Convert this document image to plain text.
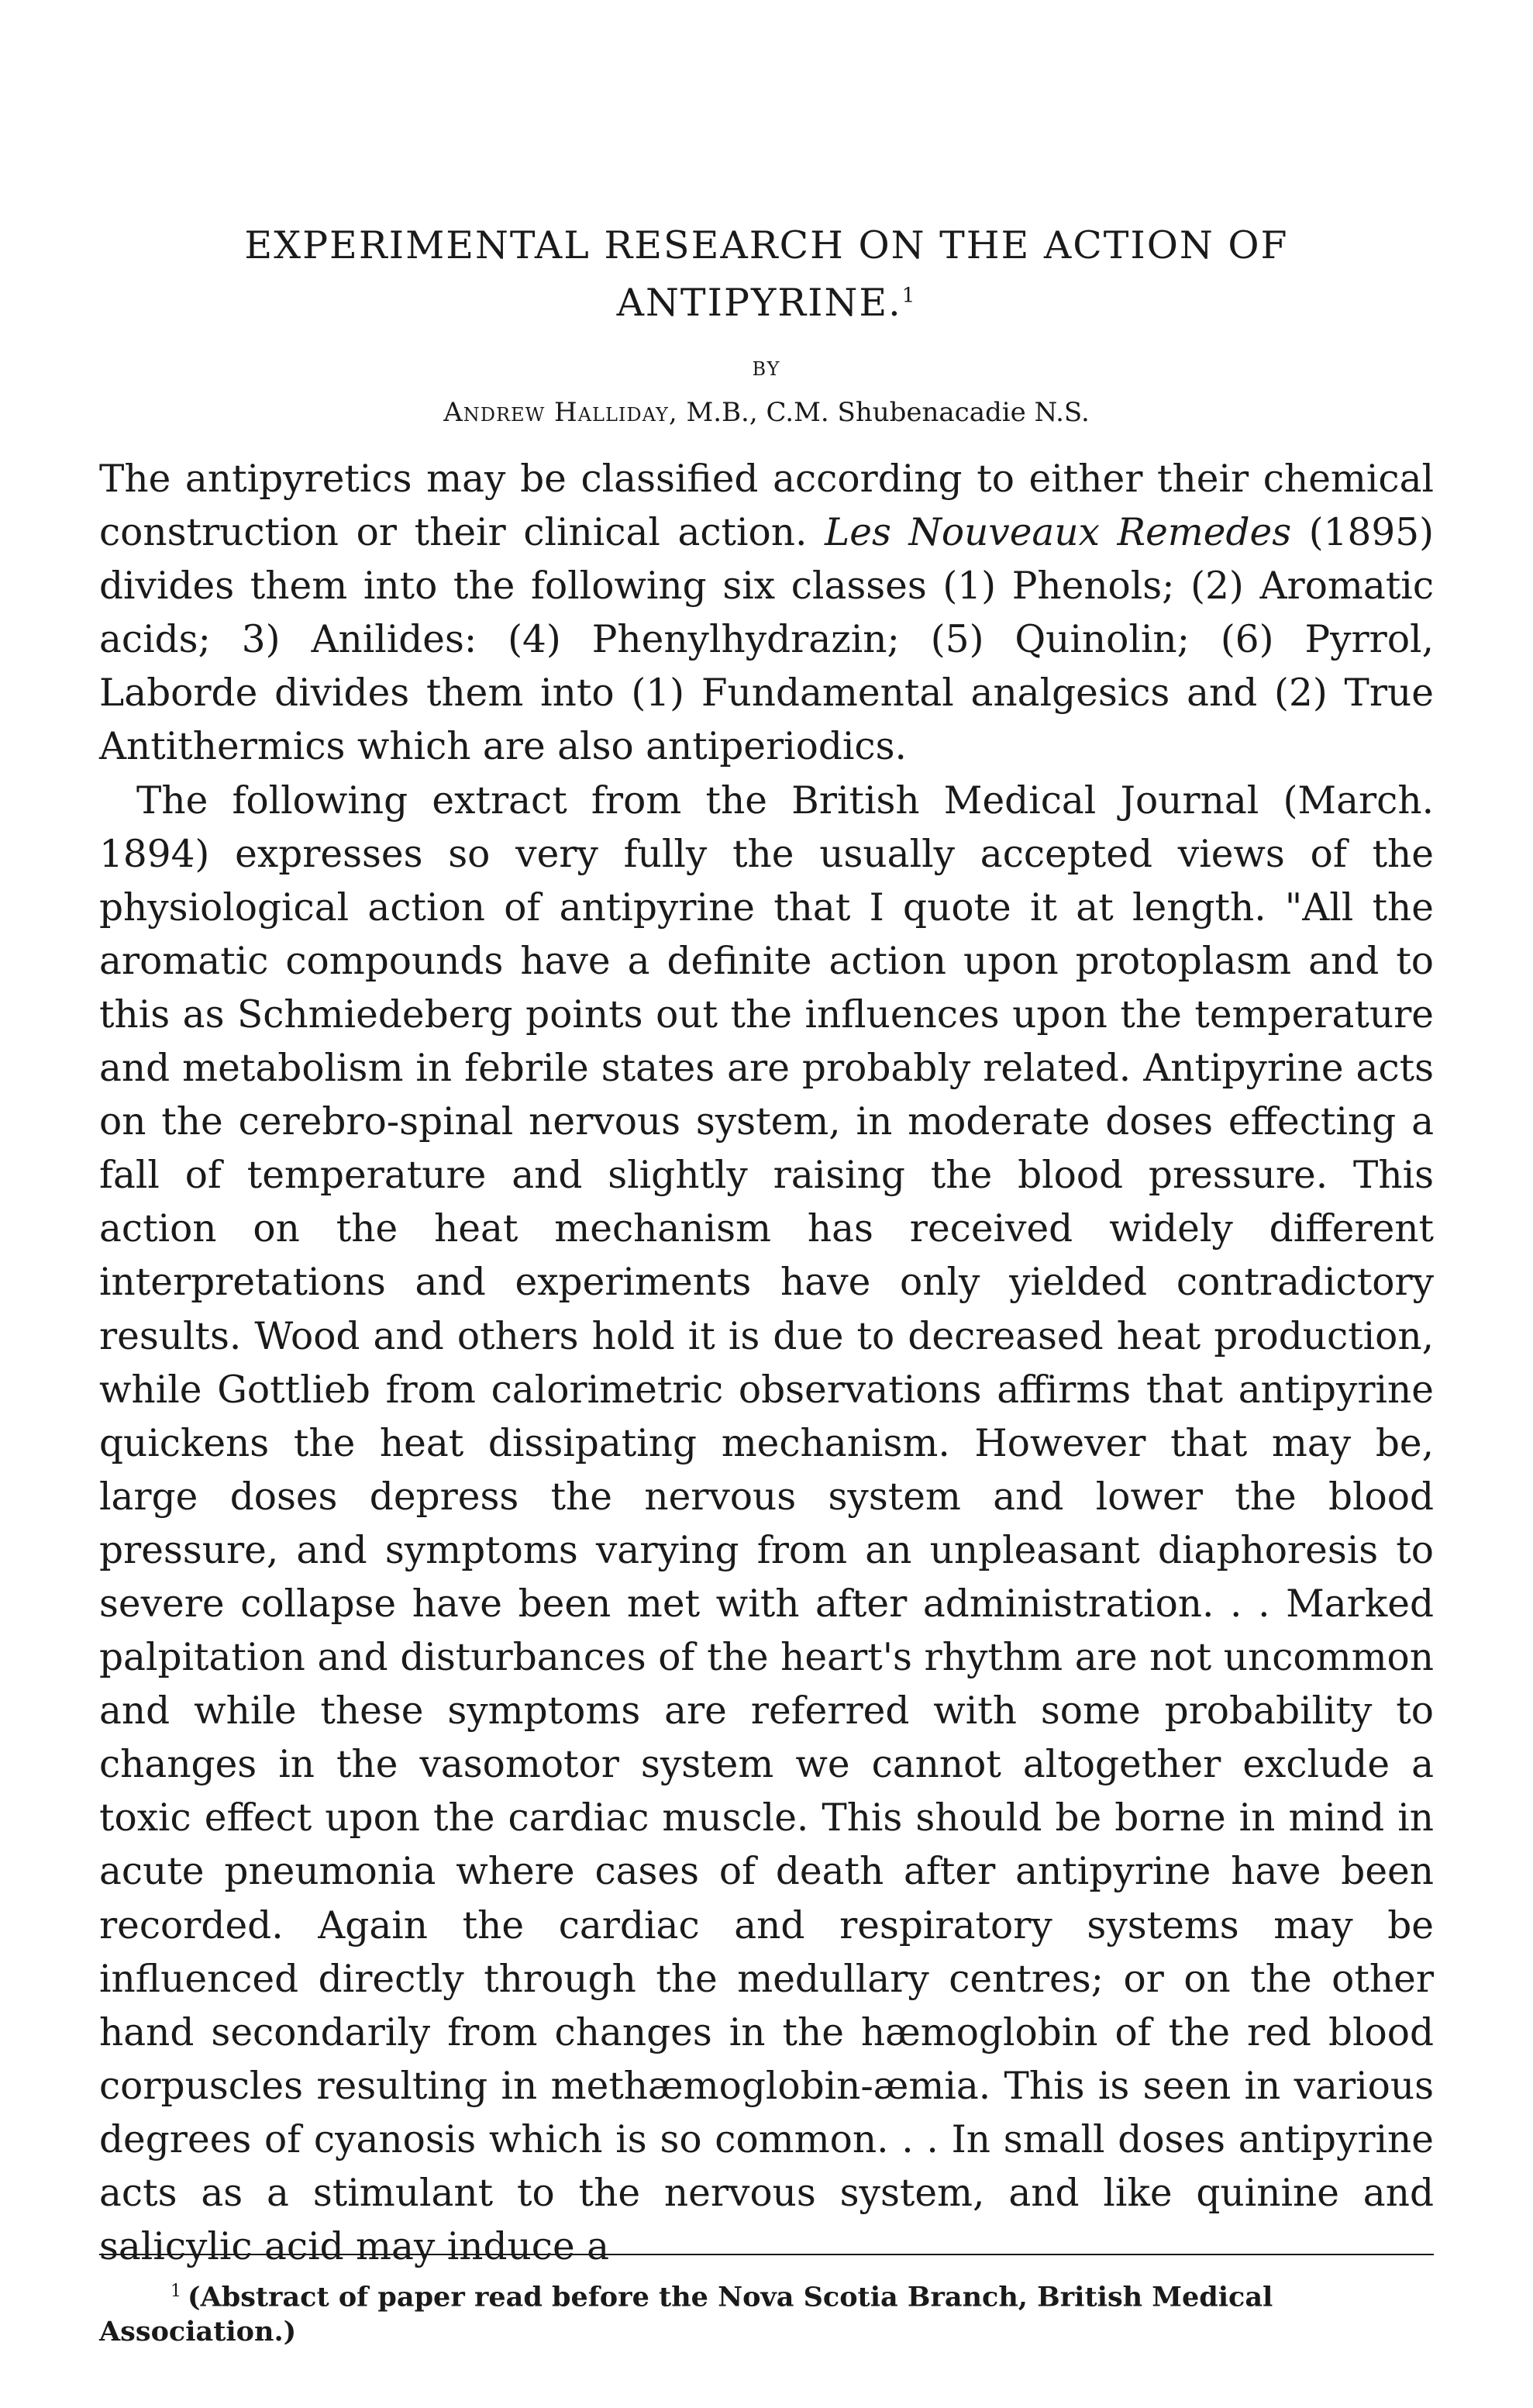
EXPERIMENTAL RESEARCH ON THE ACTION OF
ANTIPYRINE.$^1$
BY
Andrew Halliday, M.B., C.M. Shubenacadie N.S.

The antipyretics may be classified according to either their chemical construction or their clinical action. Les Nouveaux Remedes (1895) divides them into the following six classes (1) Phenols; (2) Aromatic acids; 3) Anilides: (4) Phenylhydrazin; (5) Quinolin; (6) Pyrrol, Laborde divides them into (1) Fundamental analgesics and (2) True Antithermics which are also antiperiodics.

The following extract from the British Medical Journal (March. 1894) expresses so very fully the usually accepted views of the physiological action of antipyrine that I quote it at length. "All the aromatic compounds have a definite action upon protoplasm and to this as Schmiedeberg points out the influences upon the temperature and metabolism in febrile states are probably related. Antipyrine acts on the cerebro-spinal nervous system, in moderate doses effecting a fall of temperature and slightly raising the blood pressure. This action on the heat mechanism has received widely different interpretations and experiments have only yielded contradictory results. Wood and others hold it is due to decreased heat production, while Gottlieb from calorimetric observations affirms that antipyrine quickens the heat dissipating mechanism. However that may be, large doses depress the nervous system and lower the blood pressure, and symptoms varying from an unpleasant diaphoresis to severe collapse have been met with after administration. . . Marked palpitation and disturbances of the heart's rhythm are not uncommon and while these symptoms are referred with some probability to changes in the vasomotor system we cannot altogether exclude a toxic effect upon the cardiac muscle. This should be borne in mind in acute pneumonia where cases of death after antipyrine have been recorded. Again the cardiac and respiratory systems may be influenced directly through the medullary centres; or on the other hand secondarily from changes in the hæmoglobin of the red blood corpuscles resulting in methæmoglobin-æmia. This is seen in various degrees of cyanosis which is so common. . . In small doses antipyrine acts as a stimulant to the nervous system, and like quinine and salicylic acid may induce a

$^1$ (Abstract of paper read before the Nova Scotia Branch, British Medical Association.)
